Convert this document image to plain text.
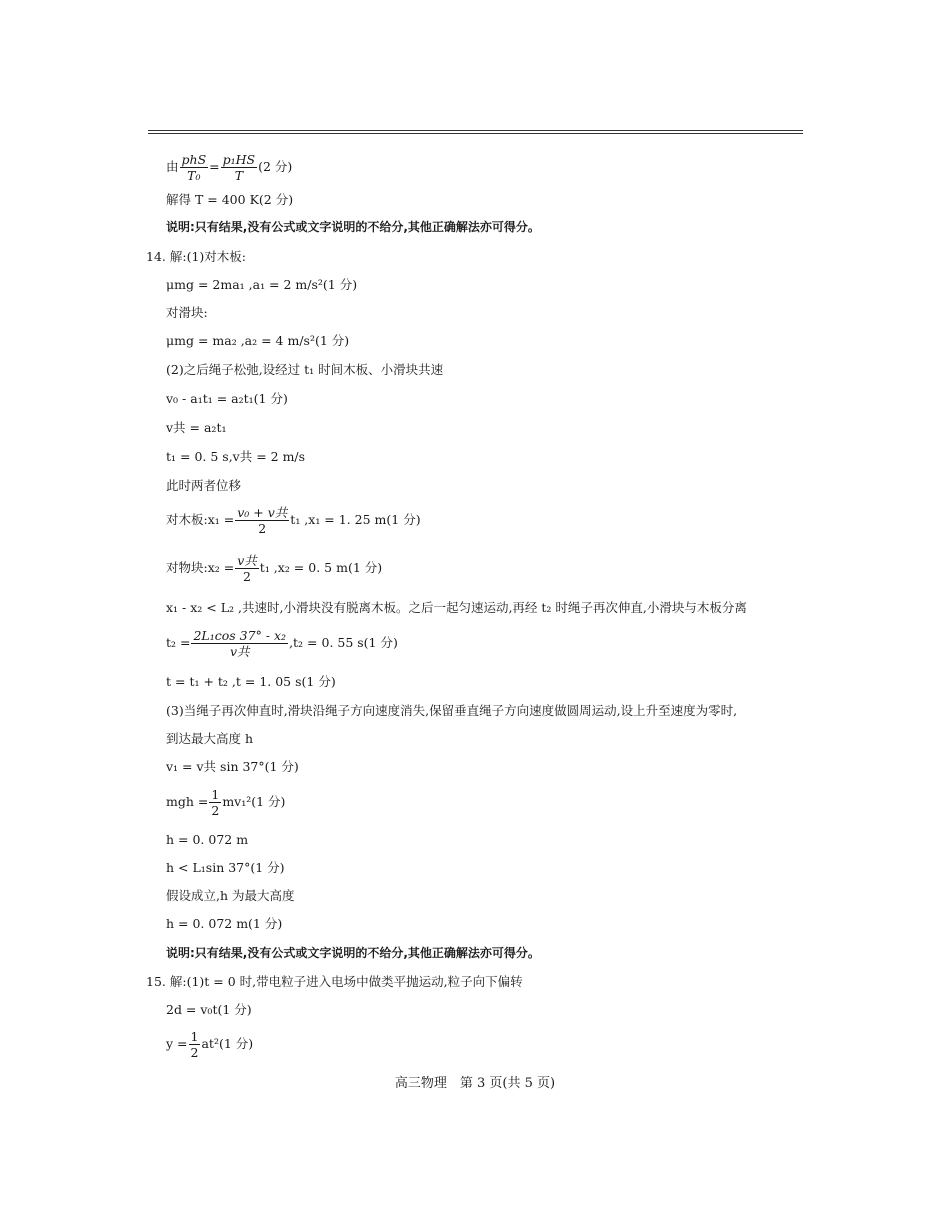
由 $\frac{\text{phS}}{\text{T₀}} = \frac{\text{p₁HS}}{T} (2$ 分)
解得 T = 400 K(2 分)
说明:只有结果,没有公式或文字说明的不给分,其他正确解法亦可得分。
14. 解:(1)对木板:
μmg = 2ma₁ ,a₁ = 2 m/s²(1 分)
对滑块:
μmg = ma₂ ,a₂ = 4 m/s²(1 分)
(2)之后绳子松弛,设经过 t₁ 时间木板、小滑块共速
v₀ - a₁t₁ = a₂t₁(1 分)
v共 = a₂t₁
t₁ = 0. 5 s,v共 = 2 m/s
此时两者位移
对木板:x₁ = $\frac{\text{v₀ + v共}}{2} t_1$ ,x₁ = 1. 25 m(1 分)
对物块:x₂ = $\frac{\text{v共}}{2} t_1$ ,x₂ = 0. 5 m(1 分)
x₁ - x₂ < L₂ ,共速时,小滑块没有脱离木板。之后一起匀速运动,再经 t₂ 时绳子再次伸直,小滑块与木板分离
$t_2 = \frac{\text{2L₁cos 37° - x₂}}{\text{v共}} ,t_2 = 0$. 55 s(1 分)
t = t₁ + t₂ ,t = 1. 05 s(1 分)
(3)当绳子再次伸直时,滑块沿绳子方向速度消失,保留垂直绳子方向速度做圆周运动,设上升至速度为零时,
到达最大高度 h
v₁ = v共 sin 37°(1 分)
mgh = $\frac{1}{2} mv_1^2(1$ 分)
h = 0. 072 m
h < L₁sin 37°(1 分)
假设成立,h 为最大高度
h = 0. 072 m(1 分)
说明:只有结果,没有公式或文字说明的不给分,其他正确解法亦可得分。
15. 解:(1)t = 0 时,带电粒子进入电场中做类平抛运动,粒子向下偏转
2d = v₀t(1 分)
$y = \frac{1}{2} at^2(1$ 分)
高三物理　第 3 页(共 5 页)
